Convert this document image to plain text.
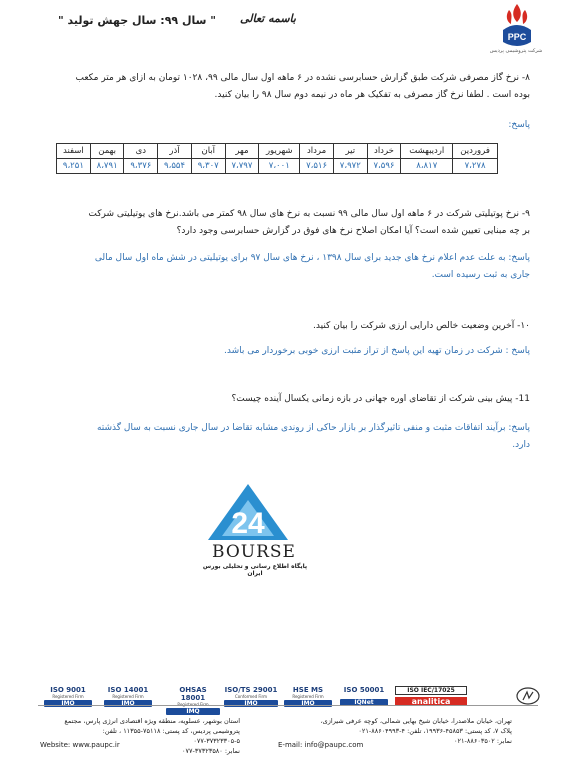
" سال ۹۹: سال جهش تولید " باسمه تعالی
PPC
شرکت پتروشیمی پردیس
۸- نرخ گاز مصرفی شرکت طبق گزارش حسابرسی نشده در ۶ ماهه اول سال مالی ۹۹، ۱۰۲۸ تومان به ازای هر متر مکعب
بوده است . لطفا نرخ گاز مصرفی به تفکیک هر ماه در نیمه دوم سال ۹۸ را بیان کنید.
پاسخ:
فروردین	اردیبهشت	خرداد	تیر	مرداد	شهریور	مهر	آبان	آذر	دی	بهمن	اسفند
۷،۲۷۸	۸،۸۱۷	۷،۵۹۶	۷،۹۷۲	۷،۵۱۶	۷،۰۰۱	۷،۷۹۷	۹،۳۰۷	۹،۵۵۴	۹،۳۷۶	۸،۷۹۱	۹،۲۵۱
۹- نرخ پوتیلیتی شرکت در ۶ ماهه اول سال مالی ۹۹ نسبت به نرخ های سال ۹۸ کمتر می باشد.نرخ های یوتیلیتی شرکت
بر چه مبنایی تعیین شده است؟ آیا امکان اصلاح نرخ های فوق در گزارش حسابرسی وجود دارد؟
پاسخ: به علت عدم اعلام نرخ های جدید برای سال ۱۳۹۸ ، نرخ های سال ۹۷ برای یوتیلیتی در شش ماه اول سال مالی
جاری به ثبت رسیده است.
۱۰- آخرین وضعیت خالص دارایی ارزی شرکت را بیان کنید.
پاسخ : شرکت در زمان تهیه این پاسخ از تراز مثبت ارزی خوبی برخوردار می باشد.
11- پیش بینی شرکت از تقاضای اوره جهانی در بازه زمانی یکسال آینده چیست؟
پاسخ: برآیند اتفاقات مثبت و منفی تاثیرگذار بر بازار حاکی از روندی مشابه تقاضا در سال جاری نسبت به سال گذشته
دارد.
24
BOURSE
پایگاه اطلاع رسانی و تحلیلی بورس ایران
ISO 9001
Registered Firm
IMQ
ISO 14001
Registered Firm
IMQ
OHSAS 18001
Registered Firm
IMQ
ISO/TS 29001
Conformed Firm
IMQ
HSE MS
Registered Firm
IMQ
ISO 50001
IQNet
ISO IEC/17025
analitica
استان بوشهر، عسلویه، منطقه ویژه اقتصادی انرژی پارس، مجتمع
پتروشیمی پردیس، کد پستی: ۷۵۱۱۸-۱۱۳۵۵ ، تلفن: ۵-۳۷۳۲۳۳۰۵-۰۷۷
نمابر: ۳۷۳۲۳۵۸۰-۰۷۷
تهران، خیابان ملاصدرا، خیابان شیخ بهایی شمالی، کوچه عرفی شیرازی،
پلاک ۷، کد پستی: ۴۵۸۵۳-۱۹۹۳۶، تلفن: ۴-۸۸۶۰۴۹۹۳-۰۲۱
نمابر: ۸۸۶۰۳۵۰۲-۰۲۱
Website: www.paupc.ir	E-mail: info@paupc.com
